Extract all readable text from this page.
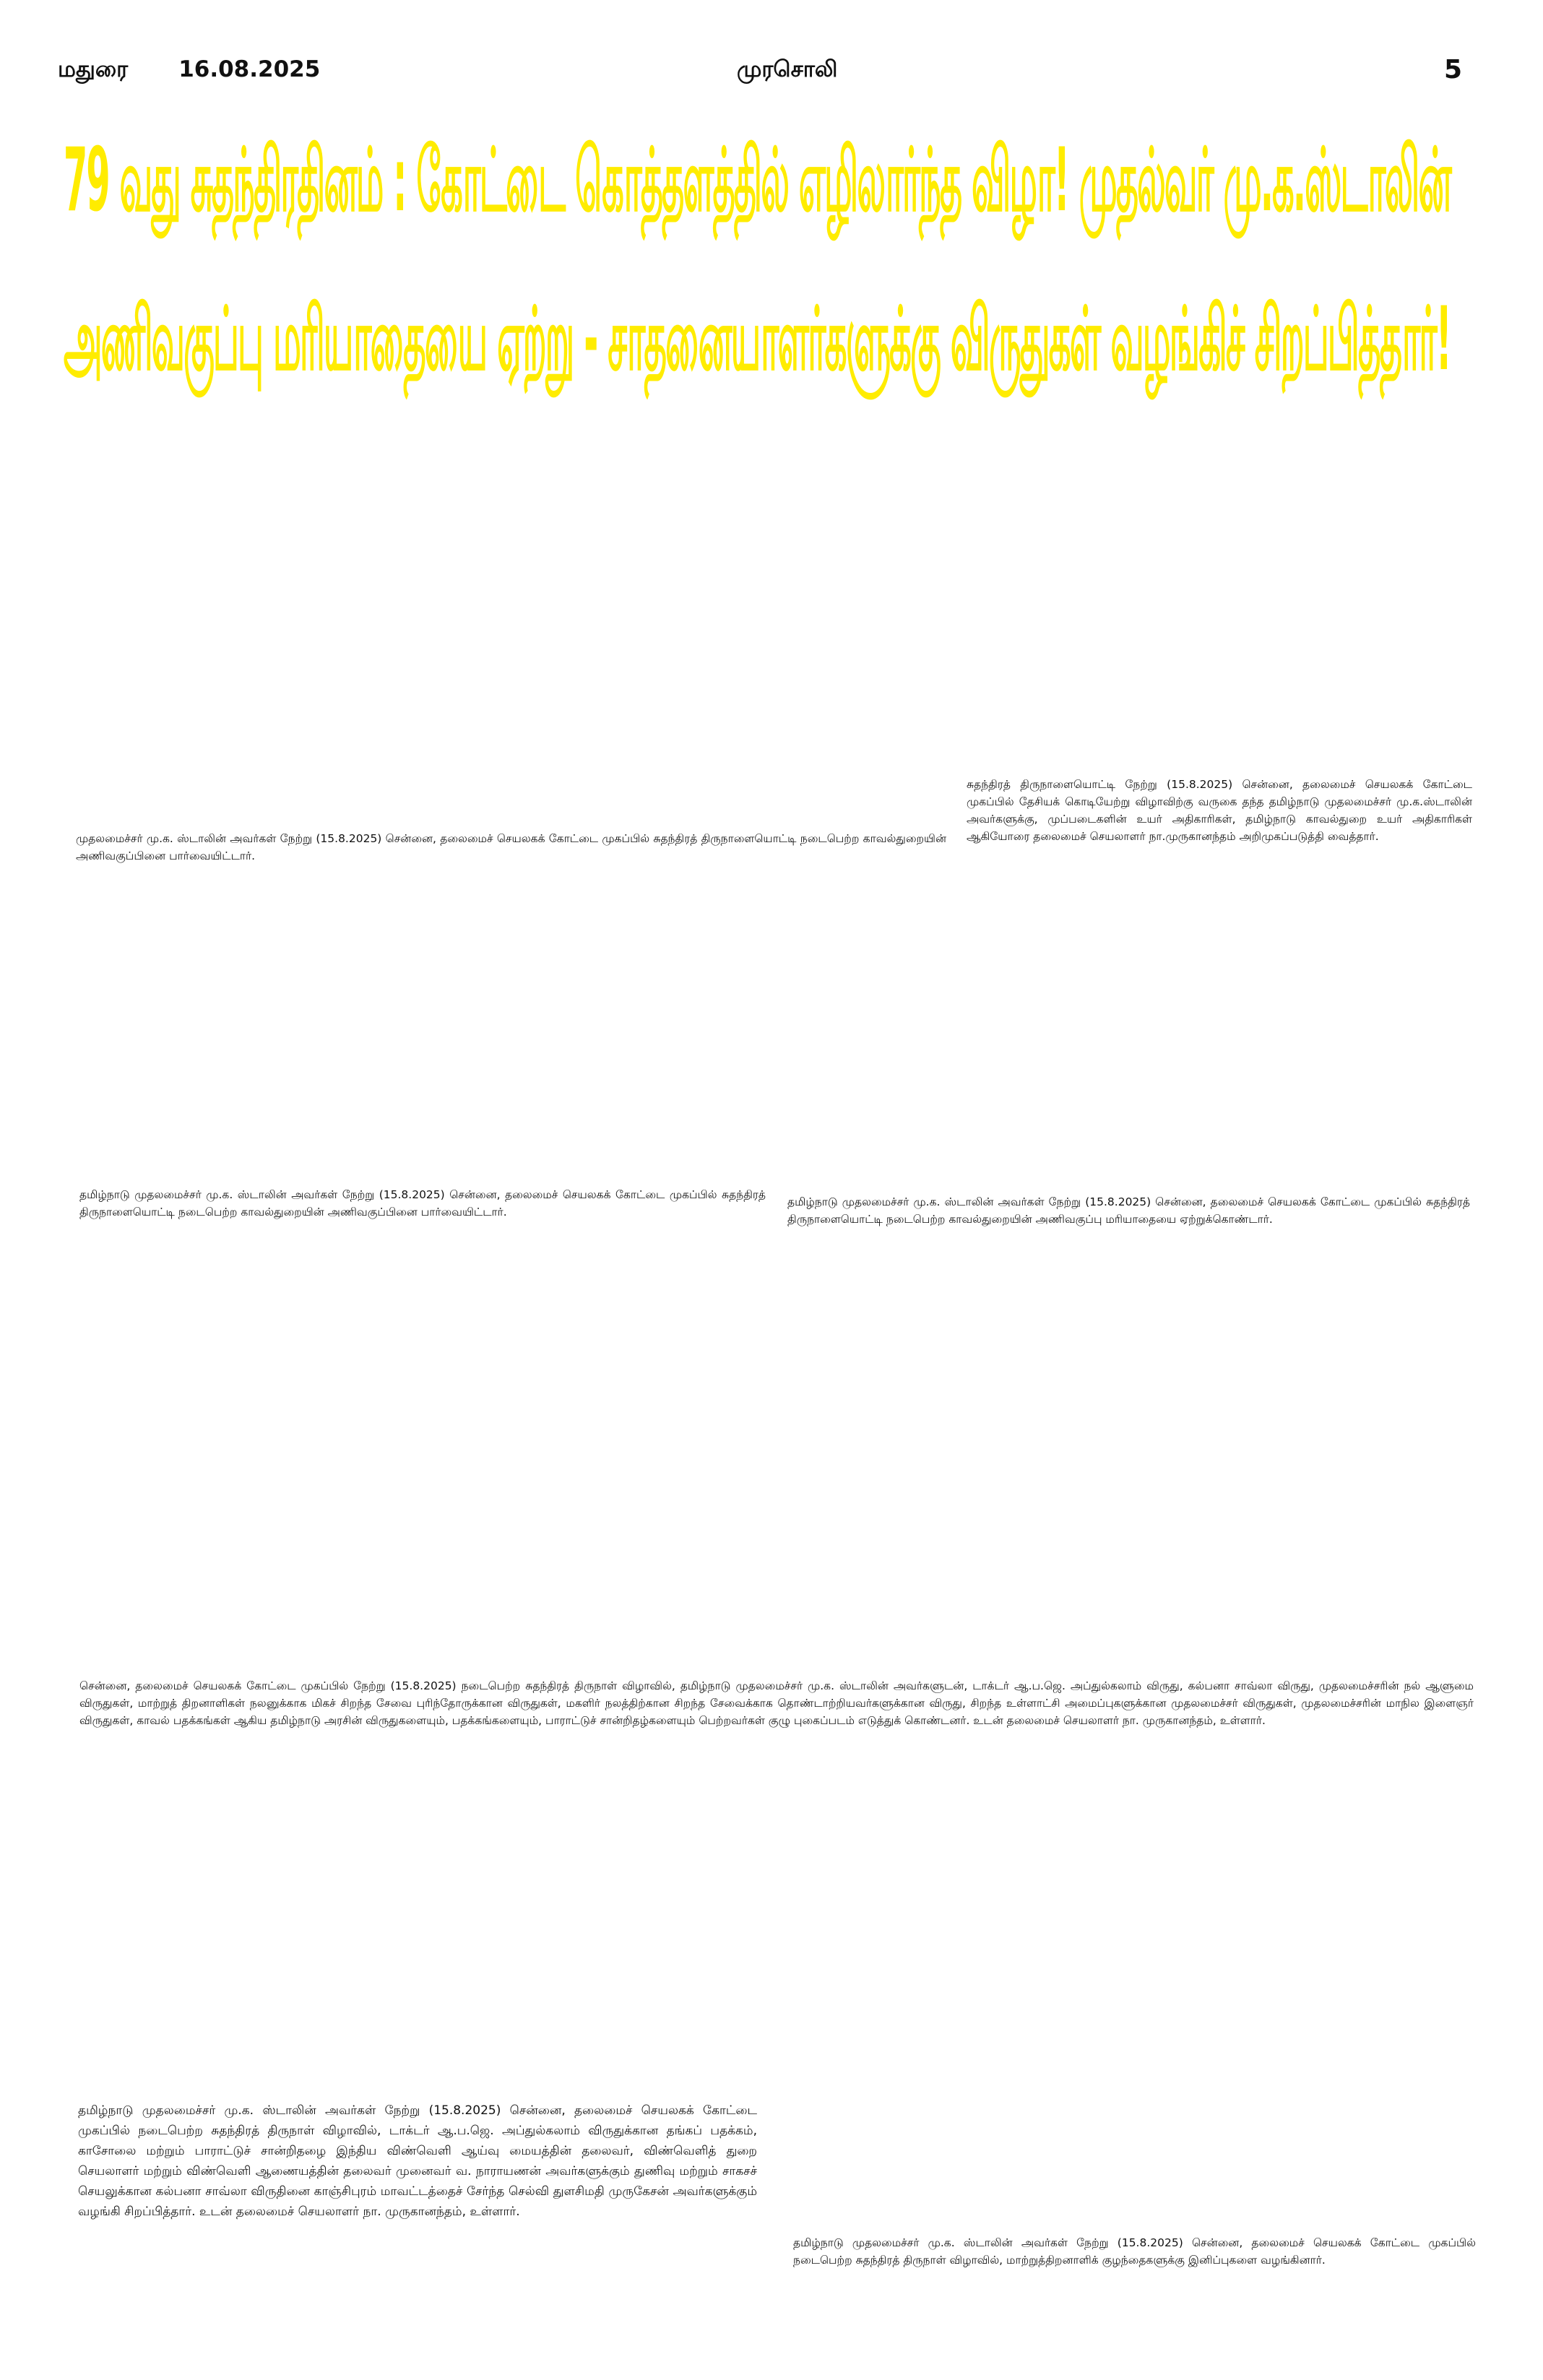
மதுரை 16.08.2025	முரசொலி	5
79 வது சுதந்திரதினம் : கோட்டை கொத்தளத்தில் எழிலார்ந்த விழா! முதல்வர் மு.க.ஸ்டாலின்
அணிவகுப்பு மரியாதையை ஏற்று - சாதனையாளர்களுக்கு விருதுகள் வழங்கிச் சிறப்பித்தார்!
முதலமைச்சர் மு.க. ஸ்டாலின் அவர்கள் நேற்று (15.8.2025) சென்னை, தலைமைச் செயலகக் கோட்டை முகப்பில் சுதந்திரத் திருநாளையொட்டி நடைபெற்ற காவல்துறையின் அணிவகுப்பினை பார்வையிட்டார்.
சுதந்திரத் திருநாளையொட்டி நேற்று (15.8.2025) சென்னை, தலைமைச் செயலகக் கோட்டை முகப்பில் தேசியக் கொடியேற்று விழாவிற்கு வருகை தந்த தமிழ்நாடு முதலமைச்சர் மு.க.ஸ்டாலின் அவர்களுக்கு, முப்படைகளின் உயர் அதிகாரிகள், தமிழ்நாடு காவல்துறை உயர் அதிகாரிகள் ஆகியோரை தலைமைச் செயலாளர் நா.முருகானந்தம் அறிமுகப்படுத்தி வைத்தார்.
தமிழ்நாடு முதலமைச்சர் மு.க. ஸ்டாலின் அவர்கள் நேற்று (15.8.2025) சென்னை, தலைமைச் செயலகக் கோட்டை முகப்பில் சுதந்திரத் திருநாளையொட்டி நடைபெற்ற காவல்துறையின் அணிவகுப்பினை பார்வையிட்டார்.
தமிழ்நாடு முதலமைச்சர் மு.க. ஸ்டாலின் அவர்கள் நேற்று (15.8.2025) சென்னை, தலைமைச் செயலகக் கோட்டை முகப்பில் சுதந்திரத் திருநாளையொட்டி நடைபெற்ற காவல்துறையின் அணிவகுப்பு மரியாதையை ஏற்றுக்கொண்டார்.
சென்னை, தலைமைச் செயலகக் கோட்டை முகப்பில் நேற்று (15.8.2025) நடைபெற்ற சுதந்திரத் திருநாள் விழாவில், தமிழ்நாடு முதலமைச்சர் மு.க. ஸ்டாலின் அவர்களுடன், டாக்டர் ஆ.ப.ஜெ. அப்துல்கலாம் விருது, கல்பனா சாவ்லா விருது, முதலமைச்சரின் நல் ஆளுமை விருதுகள், மாற்றுத் திறனாளிகள் நலனுக்காக மிகச் சிறந்த சேவை புரிந்தோருக்கான விருதுகள், மகளிர் நலத்திற்கான சிறந்த சேவைக்காக தொண்டாற்றியவர்களுக்கான விருது, சிறந்த உள்ளாட்சி அமைப்புகளுக்கான முதலமைச்சர் விருதுகள், முதலமைச்சரின் மாநில இளைஞர் விருதுகள், காவல் பதக்கங்கள் ஆகிய தமிழ்நாடு அரசின் விருதுகளையும், பதக்கங்களையும், பாராட்டுச் சான்றிதழ்களையும் பெற்றவர்கள் குழு புகைப்படம் எடுத்துக் கொண்டனர். உடன் தலைமைச் செயலாளர் நா. முருகானந்தம், உள்ளார்.
தமிழ்நாடு முதலமைச்சர் மு.க. ஸ்டாலின் அவர்கள் நேற்று (15.8.2025) சென்னை, தலைமைச் செயலகக் கோட்டை முகப்பில் நடைபெற்ற சுதந்திரத் திருநாள் விழாவில், டாக்டர் ஆ.ப.ஜெ. அப்துல்கலாம் விருதுக்கான தங்கப் பதக்கம், காசோலை மற்றும் பாராட்டுச் சான்றிதழை இந்திய விண்வெளி ஆய்வு மையத்தின் தலைவர், விண்வெளித் துறை செயலாளர் மற்றும் விண்வெளி ஆணையத்தின் தலைவர் முனைவர் வ. நாராயணன் அவர்களுக்கும் துணிவு மற்றும் சாகசச் செயலுக்கான கல்பனா சாவ்லா விருதினை காஞ்சிபுரம் மாவட்டத்தைச் சேர்ந்த செல்வி துளசிமதி முருகேசன் அவர்களுக்கும் வழங்கி சிறப்பித்தார். உடன் தலைமைச் செயலாளர் நா. முருகானந்தம், உள்ளார்.
தமிழ்நாடு முதலமைச்சர் மு.க. ஸ்டாலின் அவர்கள் நேற்று (15.8.2025) சென்னை, தலைமைச் செயலகக் கோட்டை முகப்பில் நடைபெற்ற சுதந்திரத் திருநாள் விழாவில், மாற்றுத்திறனாளிக் குழந்தைகளுக்கு இனிப்புகளை வழங்கினார்.
